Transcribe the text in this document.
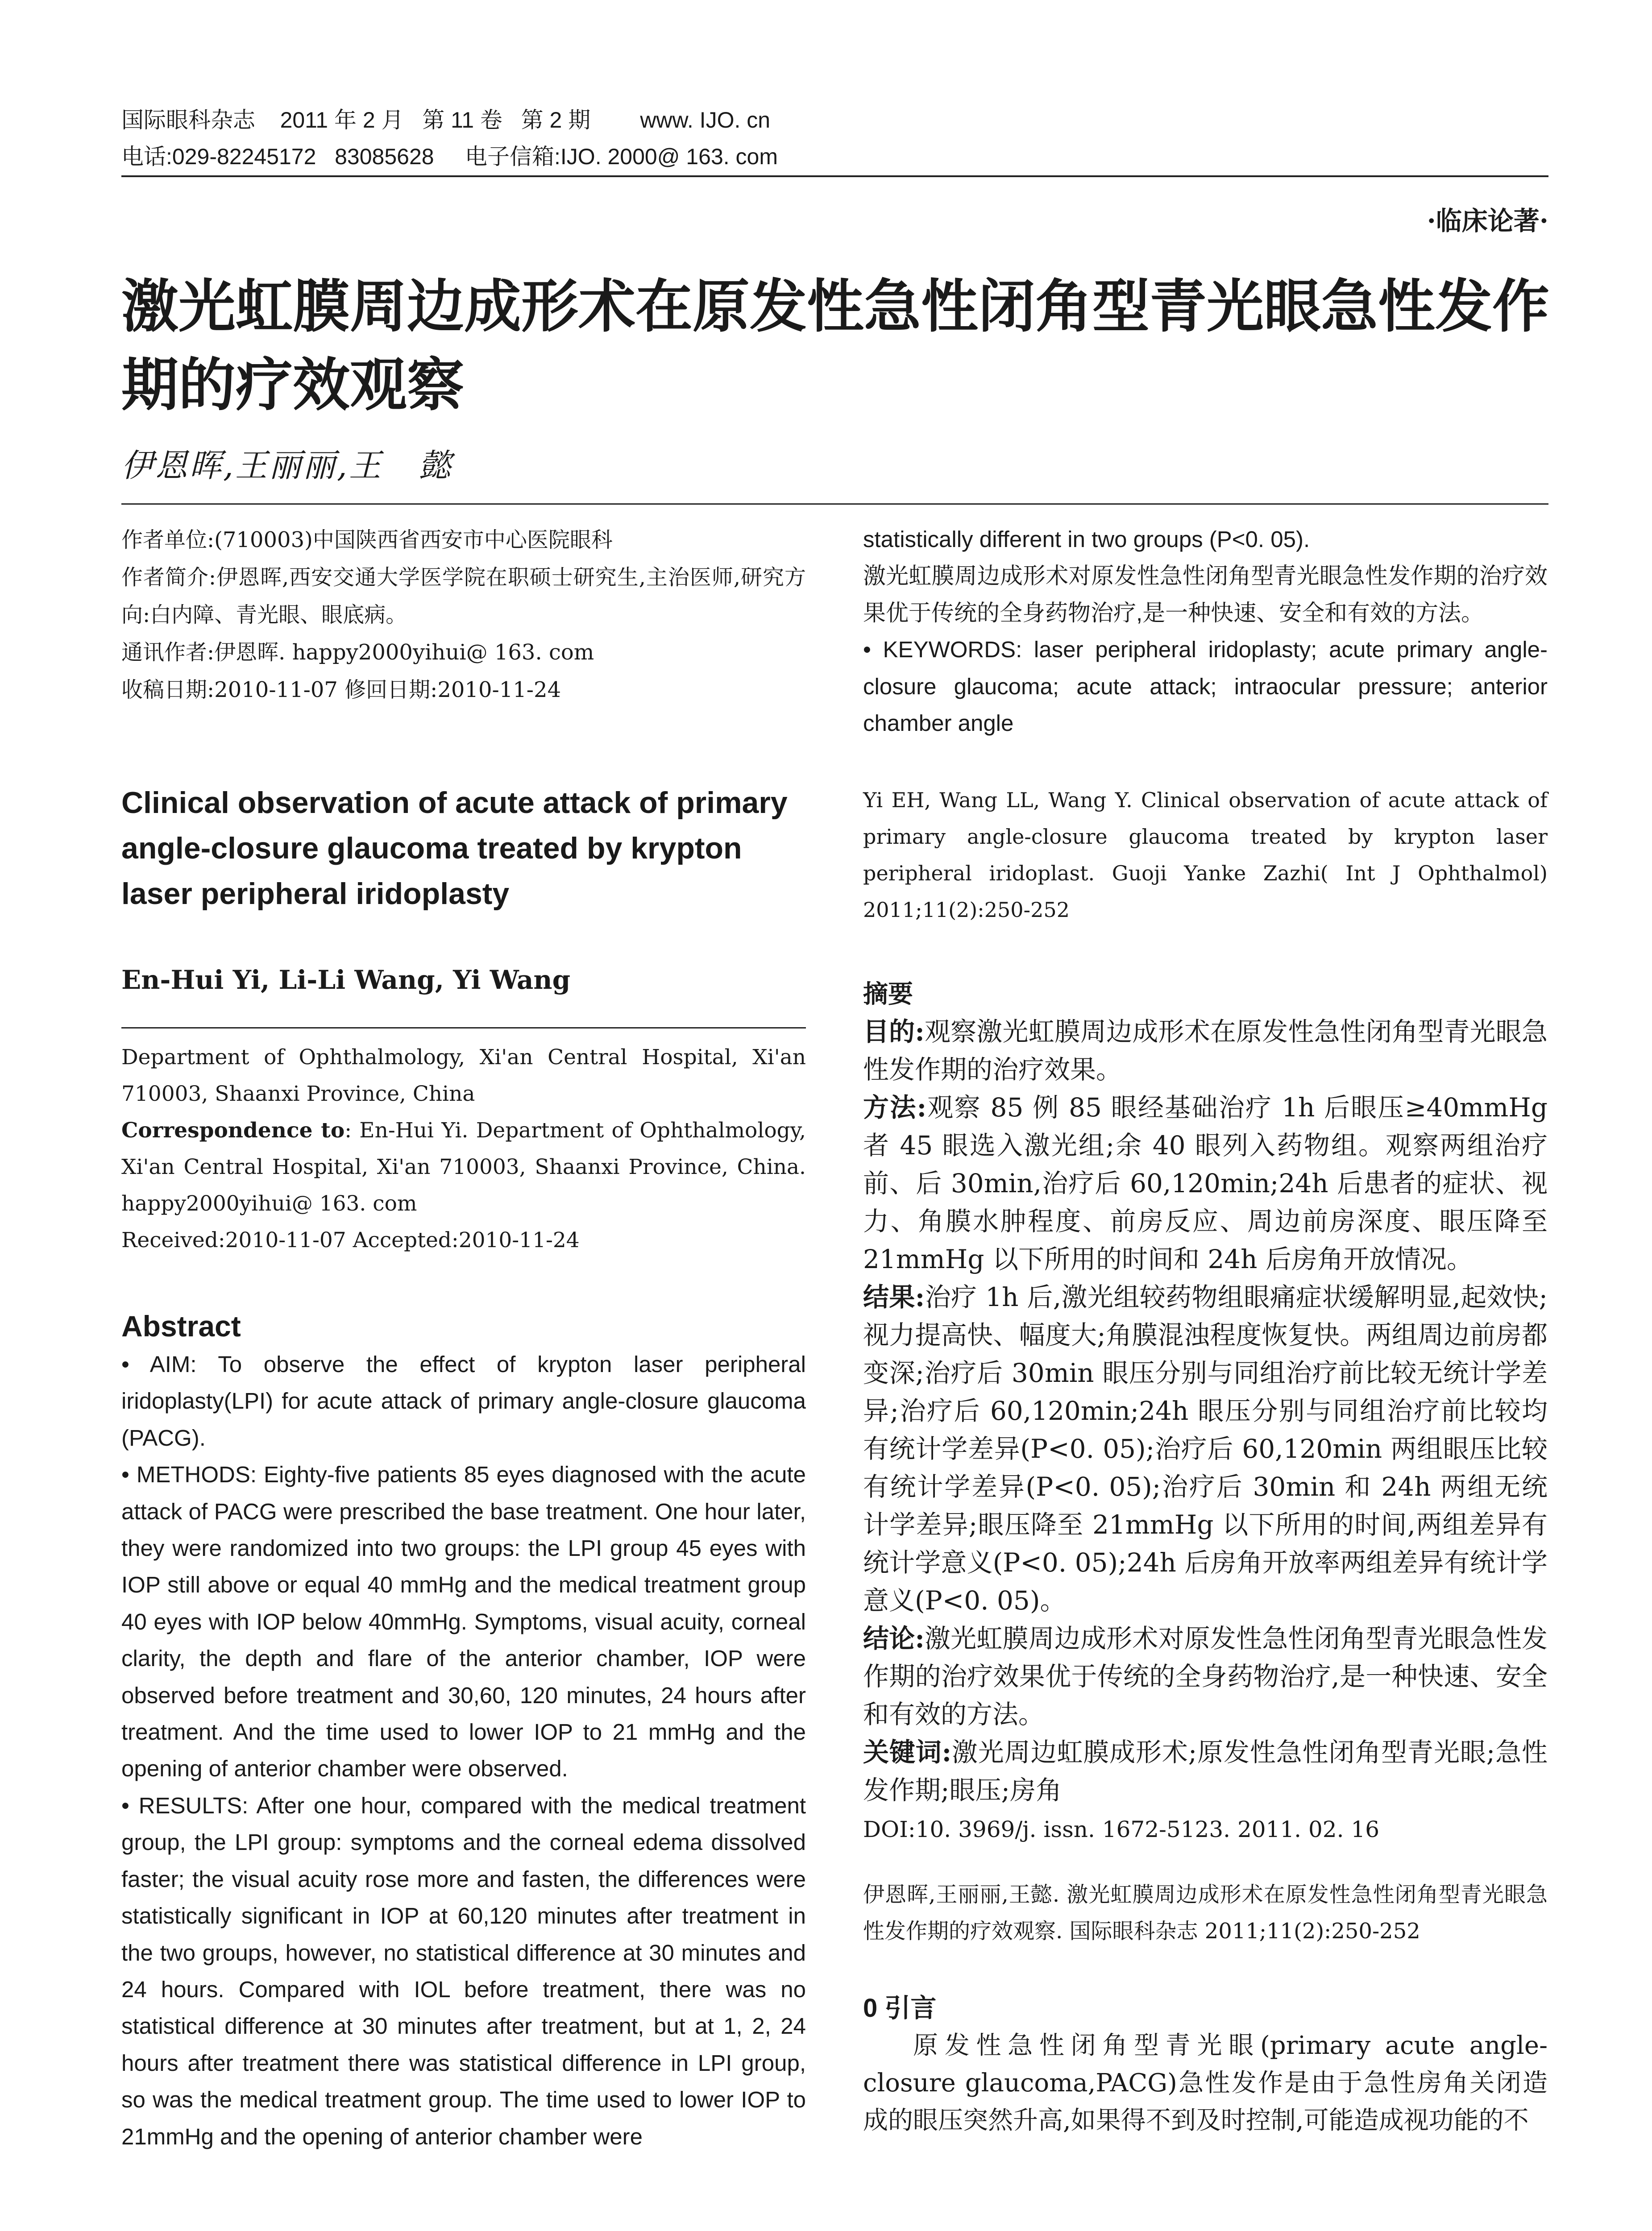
国际眼科杂志    2011 年 2 月   第 11 卷   第 2 期        www. IJO. cn
电话:029-82245172   83085628     电子信箱:IJO. 2000@ 163. com
·临床论著·
激光虹膜周边成形术在原发性急性闭角型青光眼急性发作期的疗效观察
伊恩晖,王丽丽,王   懿
作者单位:(710003)中国陕西省西安市中心医院眼科
作者简介:伊恩晖,西安交通大学医学院在职硕士研究生,主治医师,研究方向:白内障、青光眼、眼底病。
通讯作者:伊恩晖. happy2000yihui@ 163. com
收稿日期:2010-11-07 修回日期:2010-11-24
Clinical observation of acute attack of primary angle-closure glaucoma treated by krypton laser peripheral iridoplasty
En-Hui Yi, Li-Li Wang, Yi Wang
Department of Ophthalmology, Xi'an Central Hospital, Xi'an 710003, Shaanxi Province, China
Correspondence to: En-Hui Yi. Department of Ophthalmology, Xi'an Central Hospital, Xi'an 710003, Shaanxi Province, China. happy2000yihui@ 163. com
Received:2010-11-07 Accepted:2010-11-24
Abstract
• AIM: To observe the effect of krypton laser peripheral iridoplasty(LPI) for acute attack of primary angle-closure glaucoma (PACG).
• METHODS: Eighty-five patients 85 eyes diagnosed with the acute attack of PACG were prescribed the base treatment. One hour later, they were randomized into two groups: the LPI group 45 eyes with IOP still above or equal 40 mmHg and the medical treatment group 40 eyes with IOP below 40mmHg. Symptoms, visual acuity, corneal clarity, the depth and flare of the anterior chamber, IOP were observed before treatment and 30,60, 120 minutes, 24 hours after treatment. And the time used to lower IOP to 21 mmHg and the opening of anterior chamber were observed.
• RESULTS: After one hour, compared with the medical treatment group, the LPI group: symptoms and the corneal edema dissolved faster; the visual acuity rose more and fasten, the differences were statistically significant in IOP at 60,120 minutes after treatment in the two groups, however, no statistical difference at 30 minutes and 24 hours. Compared with IOL before treatment, there was no statistical difference at 30 minutes after treatment, but at 1, 2, 24 hours after treatment there was statistical difference in LPI group, so was the medical treatment group. The time used to lower IOP to 21mmHg and the opening of anterior chamber were
statistically different in two groups (P<0. 05).
激光虹膜周边成形术对原发性急性闭角型青光眼急性发作期的治疗效果优于传统的全身药物治疗,是一种快速、安全和有效的方法。
• KEYWORDS: laser peripheral iridoplasty; acute primary angle-closure glaucoma; acute attack; intraocular pressure; anterior chamber angle
Yi EH, Wang LL, Wang Y. Clinical observation of acute attack of primary angle-closure glaucoma treated by krypton laser peripheral iridoplast. Guoji Yanke Zazhi( Int J Ophthalmol) 2011;11(2):250-252
摘要
目的:观察激光虹膜周边成形术在原发性急性闭角型青光眼急性发作期的治疗效果。
方法:观察 85 例 85 眼经基础治疗 1h 后眼压≥40mmHg 者 45 眼选入激光组;余 40 眼列入药物组。观察两组治疗前、后 30min,治疗后 60,120min;24h 后患者的症状、视力、角膜水肿程度、前房反应、周边前房深度、眼压降至 21mmHg 以下所用的时间和 24h 后房角开放情况。
结果:治疗 1h 后,激光组较药物组眼痛症状缓解明显,起效快;视力提高快、幅度大;角膜混浊程度恢复快。两组周边前房都变深;治疗后 30min 眼压分别与同组治疗前比较无统计学差异;治疗后 60,120min;24h 眼压分别与同组治疗前比较均有统计学差异(P<0. 05);治疗后 60,120min 两组眼压比较有统计学差异(P<0. 05);治疗后 30min 和 24h 两组无统计学差异;眼压降至 21mmHg 以下所用的时间,两组差异有统计学意义(P<0. 05);24h 后房角开放率两组差异有统计学意义(P<0. 05)。
结论:激光虹膜周边成形术对原发性急性闭角型青光眼急性发作期的治疗效果优于传统的全身药物治疗,是一种快速、安全和有效的方法。
关键词:激光周边虹膜成形术;原发性急性闭角型青光眼;急性发作期;眼压;房角
DOI:10. 3969/j. issn. 1672-5123. 2011. 02. 16
伊恩晖,王丽丽,王懿. 激光虹膜周边成形术在原发性急性闭角型青光眼急性发作期的疗效观察. 国际眼科杂志 2011;11(2):250-252
0 引言
原发性急性闭角型青光眼(primary acute angle-closure glaucoma,PACG)急性发作是由于急性房角关闭造成的眼压突然升高,如果得不到及时控制,可能造成视功能的不
